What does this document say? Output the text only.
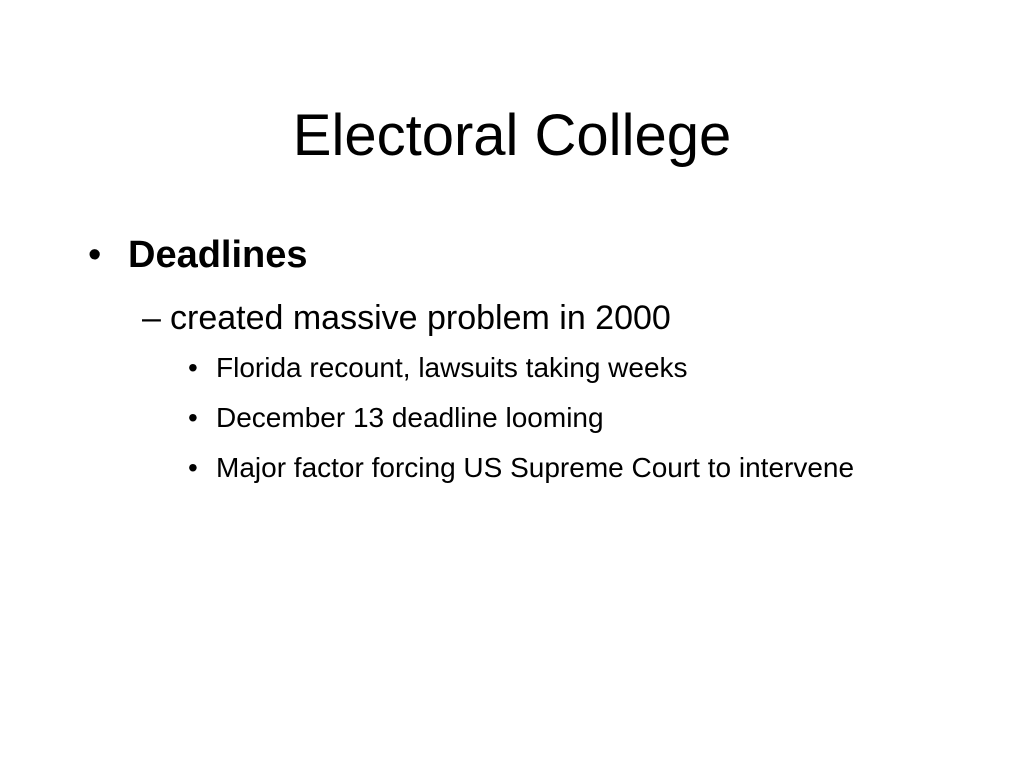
Electoral College
• Deadlines
– created massive problem in 2000
• Florida recount, lawsuits taking weeks
• December 13 deadline looming
• Major factor forcing US Supreme Court to intervene
